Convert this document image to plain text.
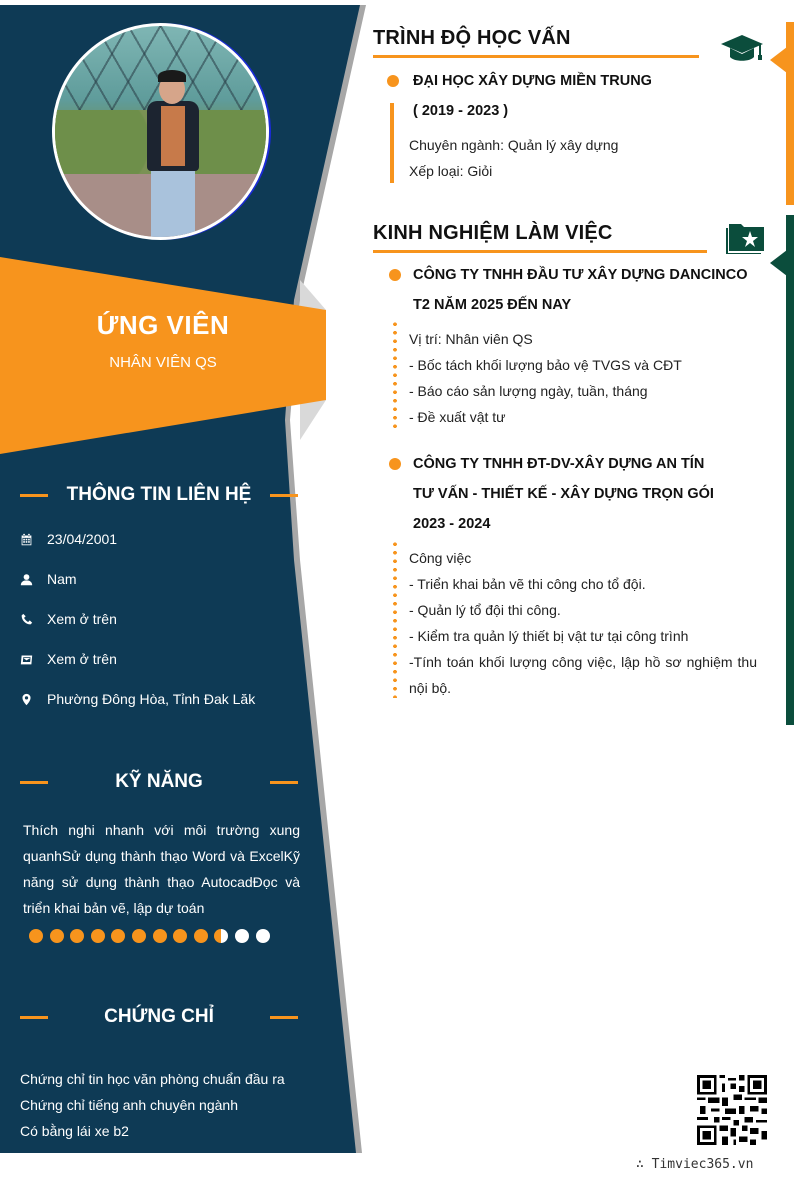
ỨNG VIÊN
NHÂN VIÊN QS
THÔNG TIN LIÊN HỆ
23/04/2001
Nam
Xem ở trên
Xem ở trên
Phường Đông Hòa, Tỉnh Đak Lăk
KỸ NĂNG
Thích nghi nhanh với môi trường xung quanhSử dụng thành thạo Word và ExcelKỹ năng sử dụng thành thạo AutocadĐọc và triển khai bản vẽ, lập dự toán
CHỨNG CHỈ
Chứng chỉ tin học văn phòng chuẩn đầu ra
Chứng chỉ tiếng anh chuyên ngành
Có bằng lái xe b2
TRÌNH ĐỘ HỌC VẤN
ĐẠI HỌC XÂY DỰNG MIỀN TRUNG
( 2019 - 2023 )
Chuyên ngành: Quản lý xây dựng
Xếp loại: Giỏi
KINH NGHIỆM LÀM VIỆC
CÔNG TY TNHH ĐẦU TƯ XÂY DỰNG DANCINCO
T2 NĂM 2025 ĐẾN NAY
Vị trí: Nhân viên QS
- Bốc tách khối lượng bảo vệ TVGS và CĐT
- Báo cáo sản lượng ngày, tuần, tháng
- Đề xuất vật tư
CÔNG TY TNHH ĐT-DV-XÂY DỰNG AN TÍN
TƯ VẤN - THIẾT KẾ - XÂY DỰNG TRỌN GÓI
2023 - 2024
Công việc
- Triển khai bản vẽ thi công cho tổ đội.
- Quản lý tổ đội thi công.
- Kiểm tra quản lý thiết bị vật tư tại công trình
-Tính toán khối lượng công việc, lập hồ sơ nghiệm thu nội bộ.
∴ Timviec365.vn
